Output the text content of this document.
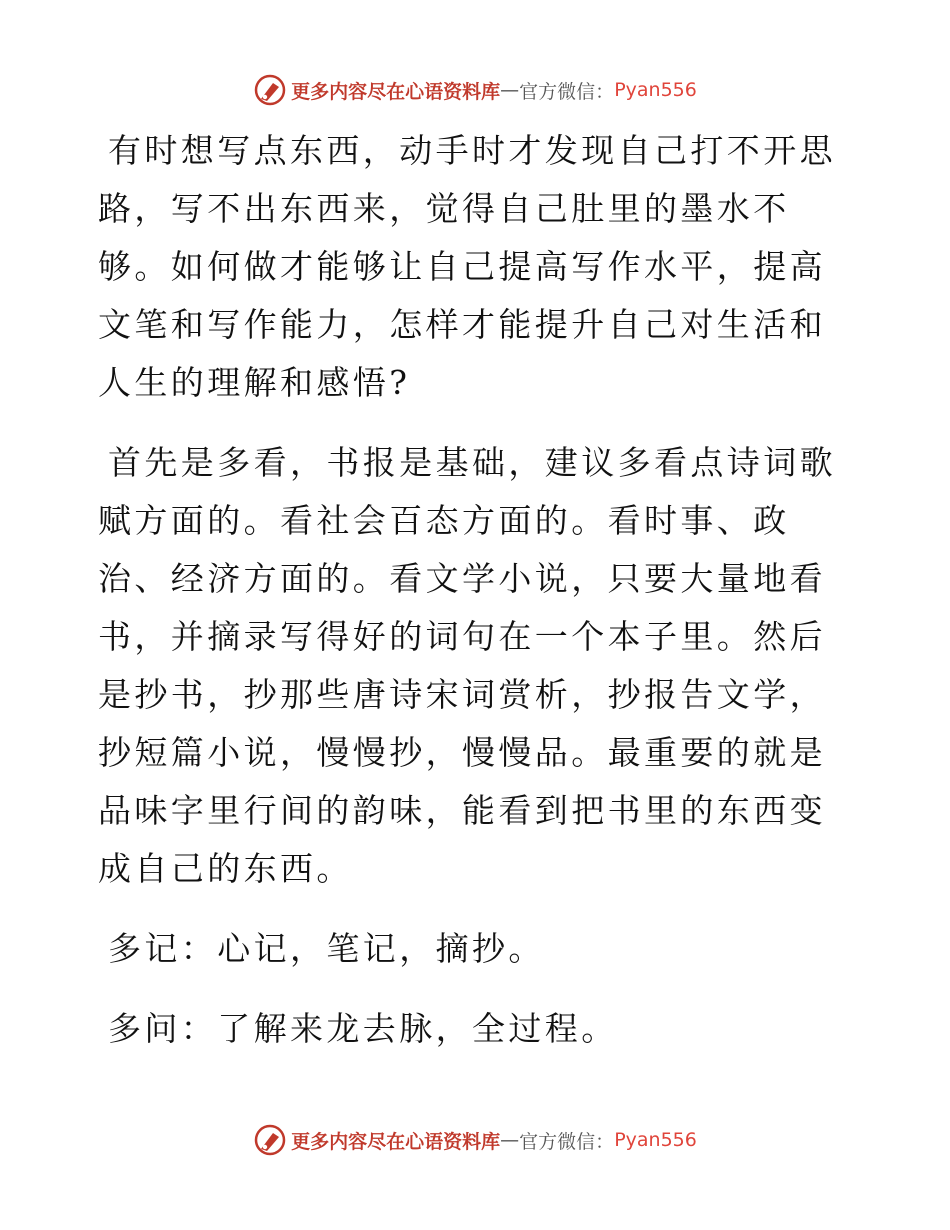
更多内容尽在心语资料库 — 官方微信： Pyan556

有时想写点东西，动手时才发现自己打不开思路，写不出东西来，觉得自己肚里的墨水不够。如何做才能够让自己提高写作水平，提高文笔和写作能力，怎样才能提升自己对生活和人生的理解和感悟?

首先是多看，书报是基础，建议多看点诗词歌赋方面的。看社会百态方面的。看时事、政治、经济方面的。看文学小说，只要大量地看书，并摘录写得好的词句在一个本子里。然后是抄书，抄那些唐诗宋词赏析，抄报告文学，抄短篇小说，慢慢抄，慢慢品。最重要的就是品味字里行间的韵味，能看到把书里的东西变成自己的东西。

多记：心记，笔记，摘抄。

多问：了解来龙去脉，全过程。

更多内容尽在心语资料库 — 官方微信： Pyan556
